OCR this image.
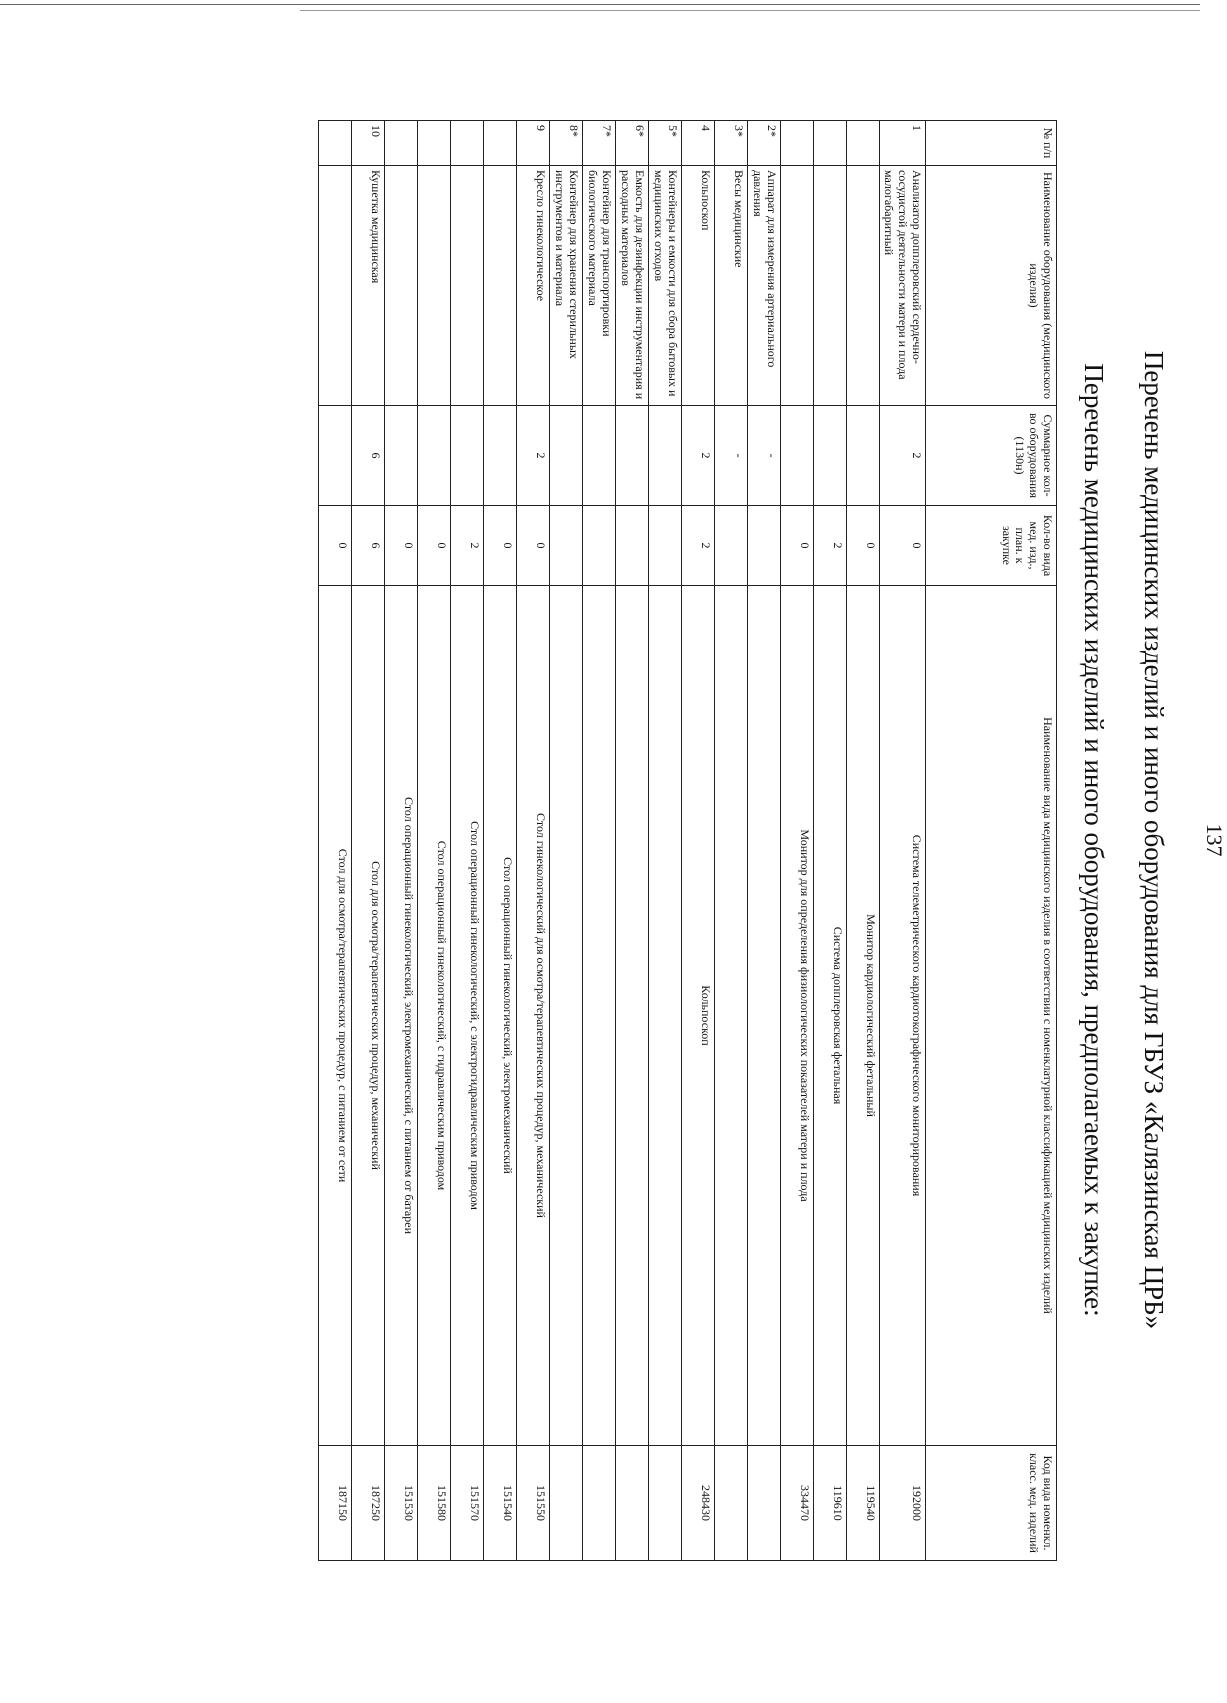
137
Перечень медицинских изделий и иного оборудования для ГБУЗ «Калязинская ЦРБ»
Перечень медицинских изделий и иного оборудования, предполагаемых к закупке:
№ п/п	Наименование оборудования (медицинского изделия)	Суммарное кол-во оборудования (1130н)	Кол-во вида мед. изд., план. к закупке	Наименование вида медицинского изделия в соответствии с номенклатурной классификацией медицинских изделий	Код вида номенкл. класс. мед. изделий
1	Анализатор допплеровский сердечно-сосудистой деятельности матери и плода малогабаритный	2	0	Система телеметрического кардиотокографического мониторирования	192000
			0	Монитор кардиологический фетальный	119540
			2	Система допплеровская фетальная	119610
			0	Монитор для определения физиологических показателей матери и плода	334470
2*	Аппарат для измерения артериального давления	-			
3*	Весы медицинские	-			
4	Кольпоскоп	2	2	Кольпоскоп	248430
5*	Контейнеры и емкости для сбора бытовых и медицинских отходов				
6*	Емкость для дезинфекции инструментария и расходных материалов				
7*	Контейнер для транспортировки биологического материала				
8*	Контейнер для хранения стерильных инструментов и материала				
9	Кресло гинекологическое	2	0	Стол гинекологический для осмотра/терапевтических процедур, механический	151550
			0	Стол операционный гинекологический, электромеханический	151540
			2	Стол операционный гинекологический, с электрогидравлическим приводом	151570
			0	Стол операционный гинекологический, с гидравлическим приводом	151580
			0	Стол операционный гинекологический, электромеханический, с питанием от батареи	151530
10	Кушетка медицинская	6	6	Стол для осмотра/терапевтических процедур, механический	187250
			0	Стол для осмотра/терапевтических процедур, с питанием от сети	187150
